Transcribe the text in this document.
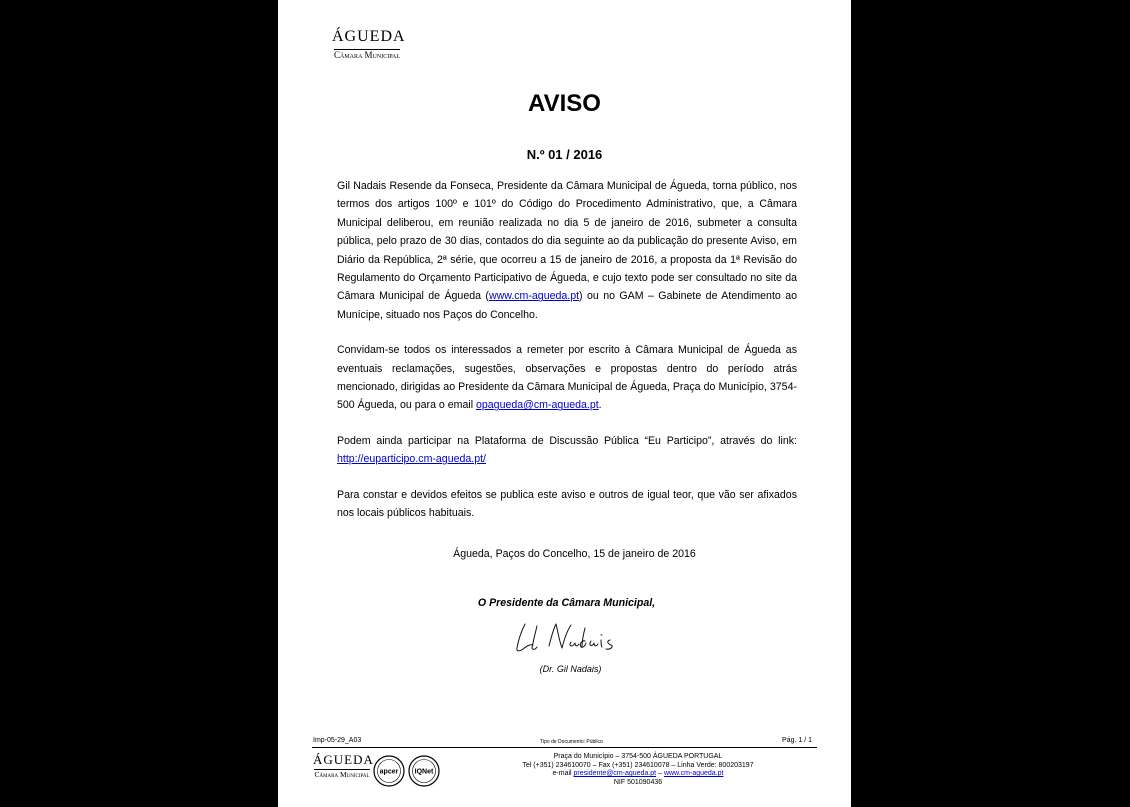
ÁGUEDA
Câmara Municipal
AVISO
N.º 01 / 2016

Gil Nadais Resende da Fonseca, Presidente da Câmara Municipal de Águeda, torna público, nos termos dos artigos 100º e 101º do Código do Procedimento Administrativo, que, a Câmara Municipal deliberou, em reunião realizada no dia 5 de janeiro de 2016, submeter a consulta pública, pelo prazo de 30 dias, contados do dia seguinte ao da publicação do presente Aviso, em Diário da República, 2ª série, que ocorreu a 15 de janeiro de 2016, a proposta da 1ª Revisão do Regulamento do Orçamento Participativo de Águeda, e cujo texto pode ser consultado no site da Câmara Municipal de Águeda (www.cm-agueda.pt) ou no GAM – Gabinete de Atendimento ao Munícipe, situado nos Paços do Concelho.

Convidam-se todos os interessados a remeter por escrito à Câmara Municipal de Águeda as eventuais reclamações, sugestões, observações e propostas dentro do período atrás mencionado, dirigidas ao Presidente da Câmara Municipal de Águeda, Praça do Município, 3754-500 Águeda, ou para o email opagueda@cm-agueda.pt.

Podem ainda participar na Plataforma de Discussão Pública “Eu Participo”, através do link: http://euparticipo.cm-agueda.pt/

Para constar e devidos efeitos se publica este aviso e outros de igual teor, que vão ser afixados nos locais públicos habituais.

Águeda, Paços do Concelho, 15 de janeiro de 2016
O Presidente da Câmara Municipal,
(Dr. Gil Nadais)
Imp-05-29_A03	Tipo de Documento: Público	Pág. 1 / 1
ÁGUEDA
Câmara Municipal apcer IQNet
Praça do Município – 3754-500 ÁGUEDA PORTUGAL
Tel (+351) 234610070 – Fax (+351) 234610078 – Linha Verde: 800203197
e-mail presidente@cm-agueda.pt – www.cm-agueda.pt
NIF 501090436
